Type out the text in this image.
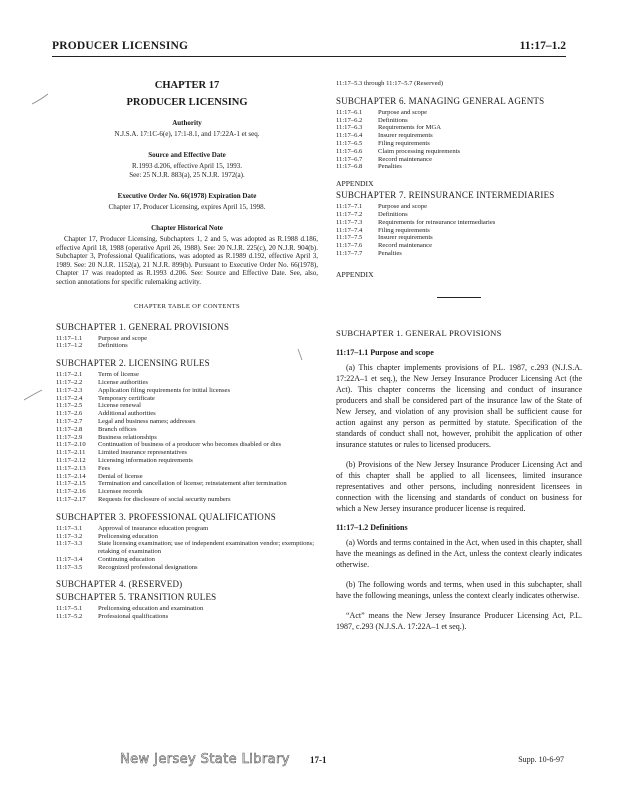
PRODUCER LICENSING	11:17–1.2
CHAPTER 17
PRODUCER LICENSING
Authority

N.J.S.A. 17:1C-6(e), 17:1-8.1, and 17:22A-1 et seq.

Source and Effective Date

R.1993 d.206, effective April 15, 1993.

See: 25 N.J.R. 883(a), 25 N.J.R. 1972(a).

Executive Order No. 66(1978) Expiration Date

Chapter 17, Producer Licensing, expires April 15, 1998.

Chapter Historical Note

Chapter 17, Producer Licensing, Subchapters 1, 2 and 5, was adopted as R.1988 d.186, effective April 18, 1988 (operative April 26, 1988). See: 20 N.J.R. 225(c), 20 N.J.R. 904(b). Subchapter 3, Professional Qualifications, was adopted as R.1989 d.192, effective April 3, 1989. See: 20 N.J.R. 1152(a), 21 N.J.R. 899(b). Pursuant to Executive Order No. 66(1978), Chapter 17 was readopted as R.1993 d.206. See: Source and Effective Date. See, also, section annotations for specific rulemaking activity.

CHAPTER TABLE OF CONTENTS
SUBCHAPTER 1. GENERAL PROVISIONS
11:17–1.1	Purpose and scope
11:17–1.2	Definitions
SUBCHAPTER 2. LICENSING RULES
11:17–2.1	Term of license
11:17–2.2	License authorities
11:17–2.3	Application filing requirements for initial licenses
11:17–2.4	Temporary certificate
11:17–2.5	License renewal
11:17–2.6	Additional authorities
11:17–2.7	Legal and business names; addresses
11:17–2.8	Branch offices
11:17–2.9	Business relationships
11:17–2.10	Continuation of business of a producer who becomes disabled or dies
11:17–2.11	Limited insurance representatives
11:17–2.12	Licensing information requirements
11:17–2.13	Fees
11:17–2.14	Denial of license
11:17–2.15	Termination and cancellation of license; reinstatement after termination
11:17–2.16	Licensee records
11:17–2.17	Requests for disclosure of social security numbers
SUBCHAPTER 3. PROFESSIONAL QUALIFICATIONS
11:17–3.1	Approval of insurance education program
11:17–3.2	Prelicensing education
11:17–3.3	State licensing examination; use of independent examination vendor; exemptions; retaking of examination
11:17–3.4	Continuing education
11:17–3.5	Recognized professional designations
SUBCHAPTER 4. (RESERVED)
SUBCHAPTER 5. TRANSITION RULES
11:17–5.1	Prelicensing education and examination
11:17–5.2	Professional qualifications

11:17–5.3 through 11:17–5.7 (Reserved)

SUBCHAPTER 6. MANAGING GENERAL AGENTS
11:17–6.1	Purpose and scope
11:17–6.2	Definitions
11:17–6.3	Requirements for MGA
11:17–6.4	Insurer requirements
11:17–6.5	Filing requirements
11:17–6.6	Claim processing requirements
11:17–6.7	Record maintenance
11:17–6.8	Penalties
APPENDIX
SUBCHAPTER 7. REINSURANCE INTERMEDIARIES
11:17–7.1	Purpose and scope
11:17–7.2	Definitions
11:17–7.3	Requirements for reinsurance intermediaries
11:17–7.4	Filing requirements
11:17–7.5	Insurer requirements
11:17–7.6	Record maintenance
11:17–7.7	Penalties
APPENDIX
SUBCHAPTER 1. GENERAL PROVISIONS
11:17–1.1 Purpose and scope

(a) This chapter implements provisions of P.L. 1987, c.293 (N.J.S.A. 17:22A–1 et seq.), the New Jersey Insurance Producer Licensing Act (the Act). This chapter concerns the licensing and conduct of insurance producers and shall be considered part of the insurance law of the State of New Jersey, and violation of any provision shall be sufficient cause for action against any person as permitted by statute. Specification of the standards of conduct shall not, however, prohibit the application of other insurance statutes or rules to licensed producers.

(b) Provisions of the New Jersey Insurance Producer Licensing Act and of this chapter shall be applied to all licensees, limited insurance representatives and other persons, including nonresident licensees in connection with the licensing and standards of conduct on business for which a New Jersey insurance producer license is required.

11:17–1.2 Definitions

(a) Words and terms contained in the Act, when used in this chapter, shall have the meanings as defined in the Act, unless the context clearly indicates otherwise.

(b) The following words and terms, when used in this subchapter, shall have the following meanings, unless the context clearly indicates otherwise.

“Act” means the New Jersey Insurance Producer Licensing Act, P.L. 1987, c.293 (N.J.S.A. 17:22A–1 et seq.).

New Jersey State Library 17-1	Supp. 10-6-97
